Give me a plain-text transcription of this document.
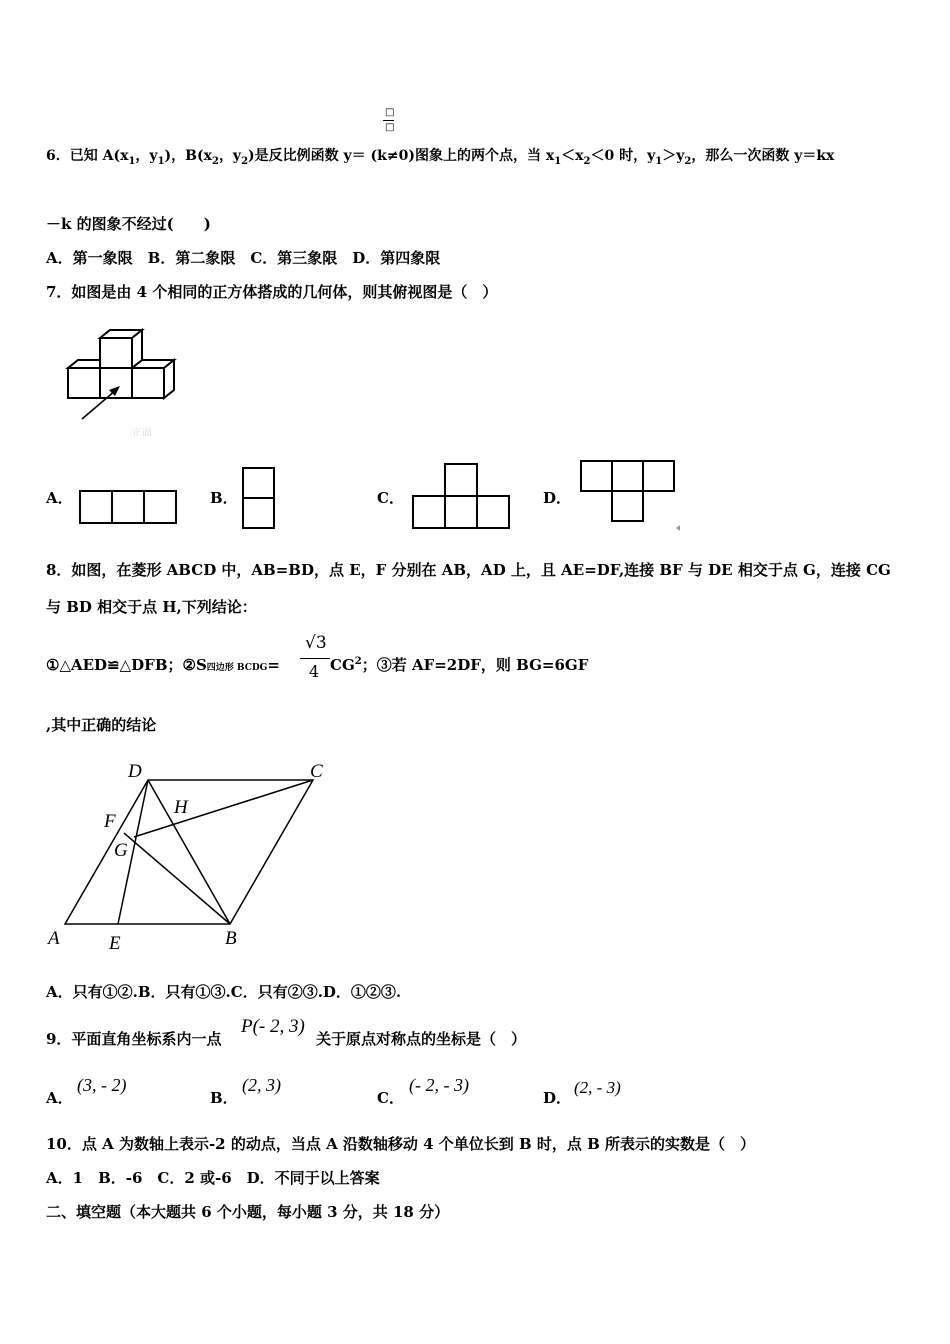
□
□
6．已知 $A(x_1$，$y_1$)，$B(x_2$，$y_2$)是反比例函数 y＝ (k≠0)图象上的两个点，当 $x_1<x_2<0$ 时，$y_1>y_2$，那么一次函数 y＝kx
－k 的图象不经过(　　)
A．第一象限　B．第二象限　C．第三象限　D．第四象限
7．如图是由 4 个相同的正方体搭成的几何体，则其俯视图是（　）
正面
A．	B．	C．	D．
8．如图，在菱形 ABCD 中，AB=BD，点 E，F 分别在 AB，AD 上，且 AE=DF,连接 BF 与 DE 相交于点 G，连接 CG
与 BD 相交于点 H,下列结论：
①△AED≌△DFB；②S四边形 BCDG=
√3
4 $CG^2$；③若 AF=2DF，则 BG=6GF
,其中正确的结论
D	C
F
H
G
A	E	B
A．只有①②.B．只有①③.C．只有②③.D．①②③.
9．平面直角坐标系内一点
P(- 2, 3)
关于原点对称点的坐标是（　）
A．
(3, - 2)
B．
(2, 3)
C．
(- 2, - 3)
D．
(2, - 3)
10．点 A 为数轴上表示-2 的动点，当点 A 沿数轴移动 4 个单位长到 B 时，点 B 所表示的实数是（　）
A．1　B．-6　C．2 或-6　D．不同于以上答案
二、填空题（本大题共 6 个小题，每小题 3 分，共 18 分）
